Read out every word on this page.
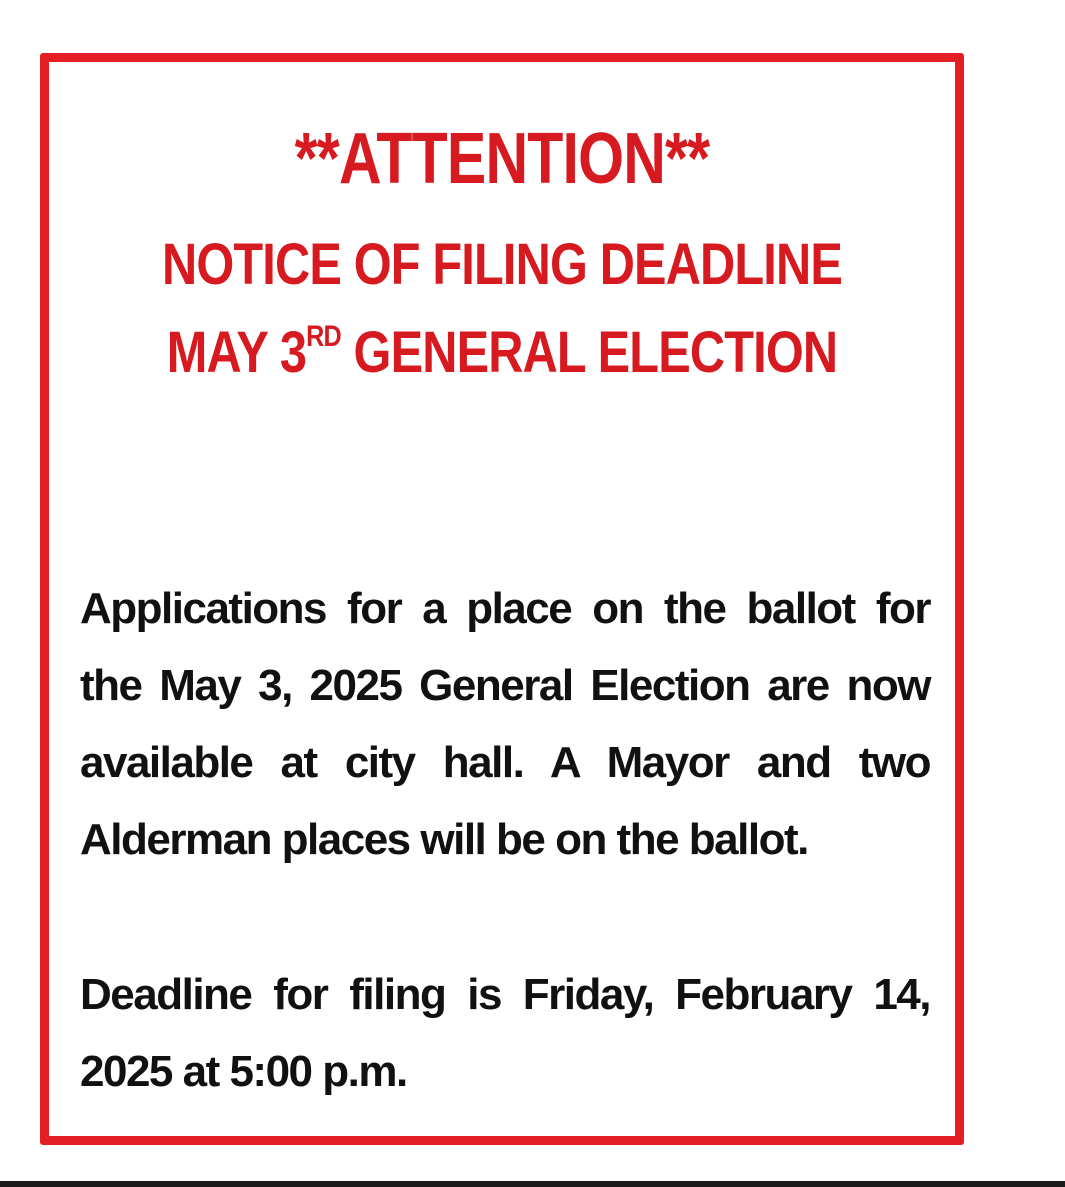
**ATTENTION**
NOTICE OF FILING DEADLINE
MAY 3RD GENERAL ELECTION

Applications for a place on the ballot for the May 3, 2025 General Election are now available at city hall. A Mayor and two Alderman places will be on the ballot.

Deadline for filing is Friday, February 14, 2025 at 5:00 p.m.
